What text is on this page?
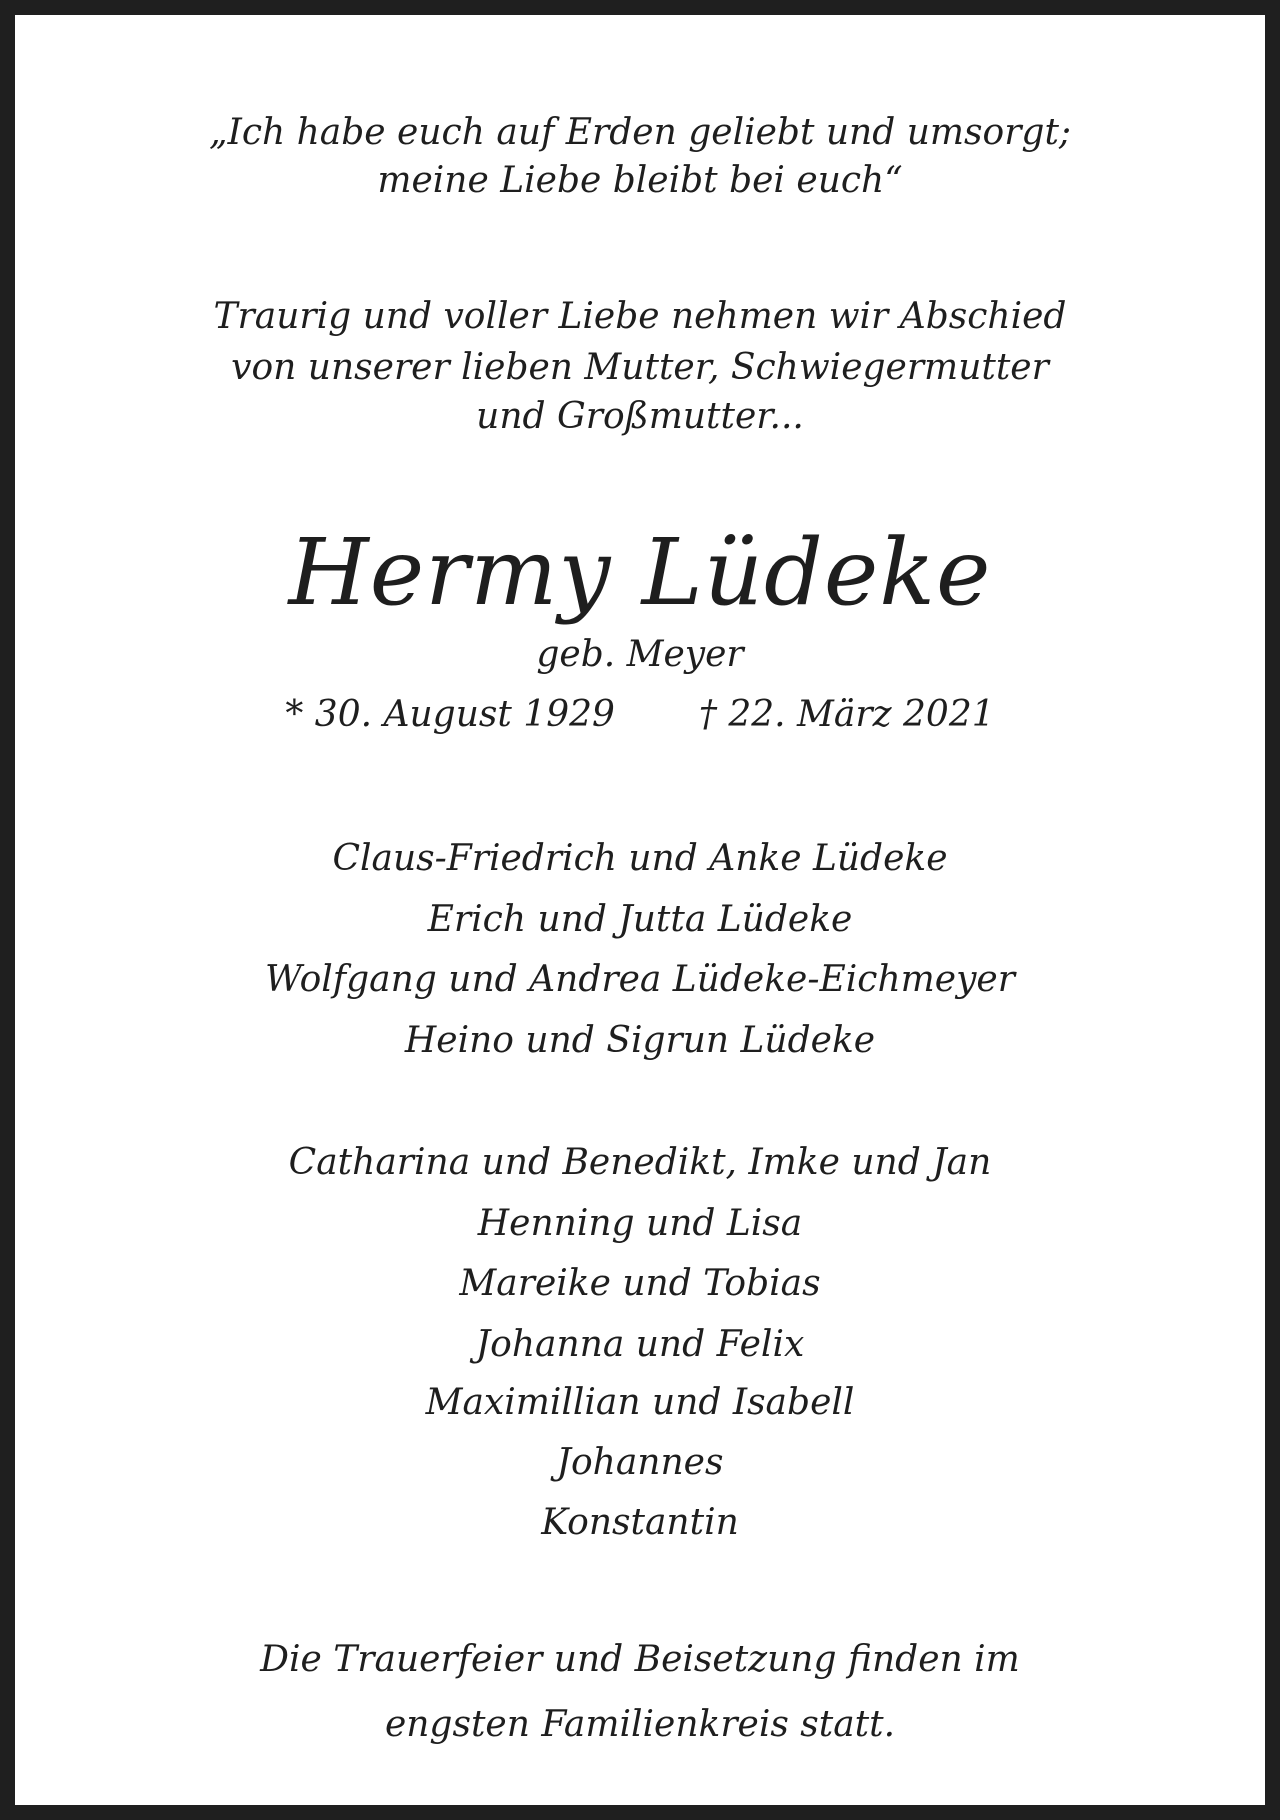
„Ich habe euch auf Erden geliebt und umsorgt;
meine Liebe bleibt bei euch“
Traurig und voller Liebe nehmen wir Abschied
von unserer lieben Mutter, Schwiegermutter
und Großmutter...
Hermy Lüdeke
geb. Meyer
* 30. August 1929 † 22. März 2021
Claus-Friedrich und Anke Lüdeke
Erich und Jutta Lüdeke
Wolfgang und Andrea Lüdeke-Eichmeyer
Heino und Sigrun Lüdeke
Catharina und Benedikt, Imke und Jan
Henning und Lisa
Mareike und Tobias
Johanna und Felix
Maximillian und Isabell
Johannes
Konstantin
Die Trauerfeier und Beisetzung finden im
engsten Familienkreis statt.
